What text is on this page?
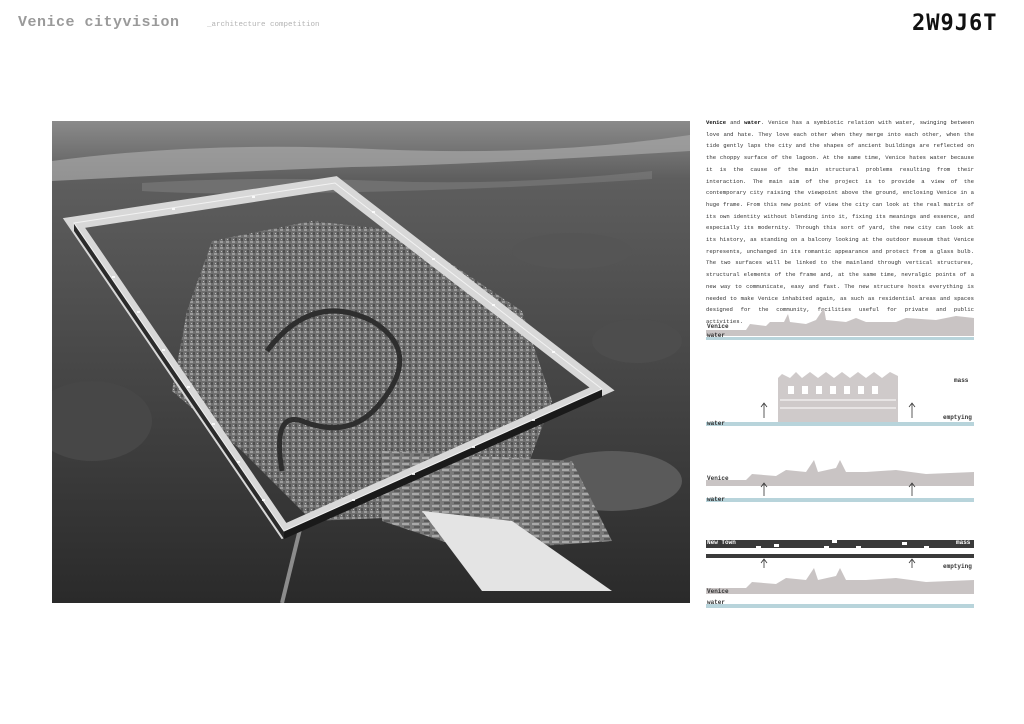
Venice cityvision	_architecture competition	2W9J6T
Venice and water. Venice has a symbiotic relation with water, swinging between love and hate. They love each other when they merge into each other, when the tide gently laps the city and the shapes of ancient buildings are reflected on the choppy surface of the lagoon. At the same time, Venice hates water because it is the cause of the main structural problems resulting from their interaction. The main aim of the project is to provide a view of the contemporary city raising the viewpoint above the ground, enclosing Venice in a huge frame. From this new point of view the city can look at the real matrix of its own identity without blending into it, fixing its meanings and essence, and especially its modernity. Through this sort of yard, the new city can look at its history, as standing on a balcony looking at the outdoor museum that Venice represents, unchanged in its romantic appearance and protect from a glass bulb. The two surfaces will be linked to the mainland through vertical structures, structural elements of the frame and, at the same time, nevralgic points of a new way to communicate, easy and fast. The new structure hosts everything is needed to make Venice inhabited again, as such as residential areas and spaces designed for the community, facilities useful for private and public activities.
Venice
water
mass
emptying
water
Venice
water
New Town	mass
emptying
Venice
water
